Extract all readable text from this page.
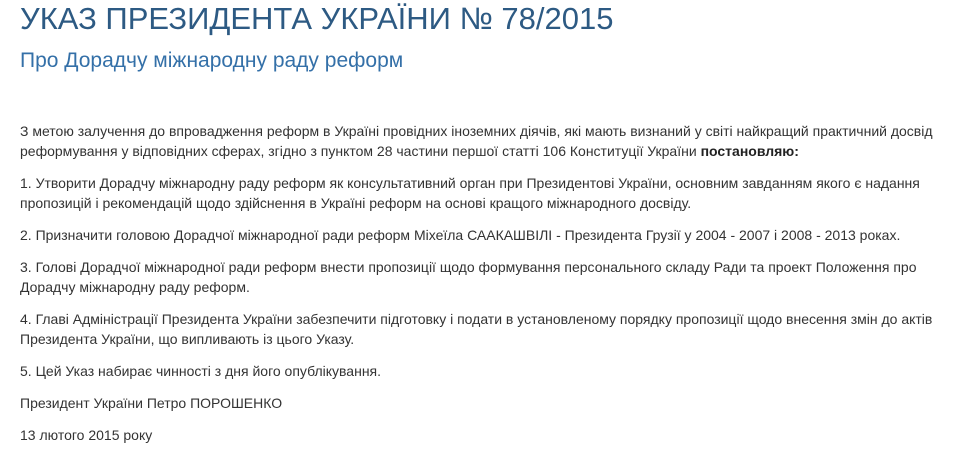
УКАЗ ПРЕЗИДЕНТА УКРАЇНИ № 78/2015
Про Дорадчу міжнародну раду реформ

З метою залучення до впровадження реформ в Україні провідних іноземних діячів, які мають визнаний у світі найкращий практичний досвід реформування у відповідних сферах, згідно з пунктом 28 частини першої статті 106 Конституції України постановляю:

1. Утворити Дорадчу міжнародну раду реформ як консультативний орган при Президентові України, основним завданням якого є надання пропозицій і рекомендацій щодо здійснення в Україні реформ на основі кращого міжнародного досвіду.

2. Призначити головою Дорадчої міжнародної ради реформ Міхеїла СААКАШВІЛІ - Президента Грузії у 2004 - 2007 і 2008 - 2013 роках.

3. Голові Дорадчої міжнародної ради реформ внести пропозиції щодо формування персонального складу Ради та проект Положення про Дорадчу міжнародну раду реформ.

4. Главі Адміністрації Президента України забезпечити підготовку і подати в установленому порядку пропозиції щодо внесення змін до актів Президента України, що випливають із цього Указу.

5. Цей Указ набирає чинності з дня його опублікування.

Президент України Петро ПОРОШЕНКО

13 лютого 2015 року
